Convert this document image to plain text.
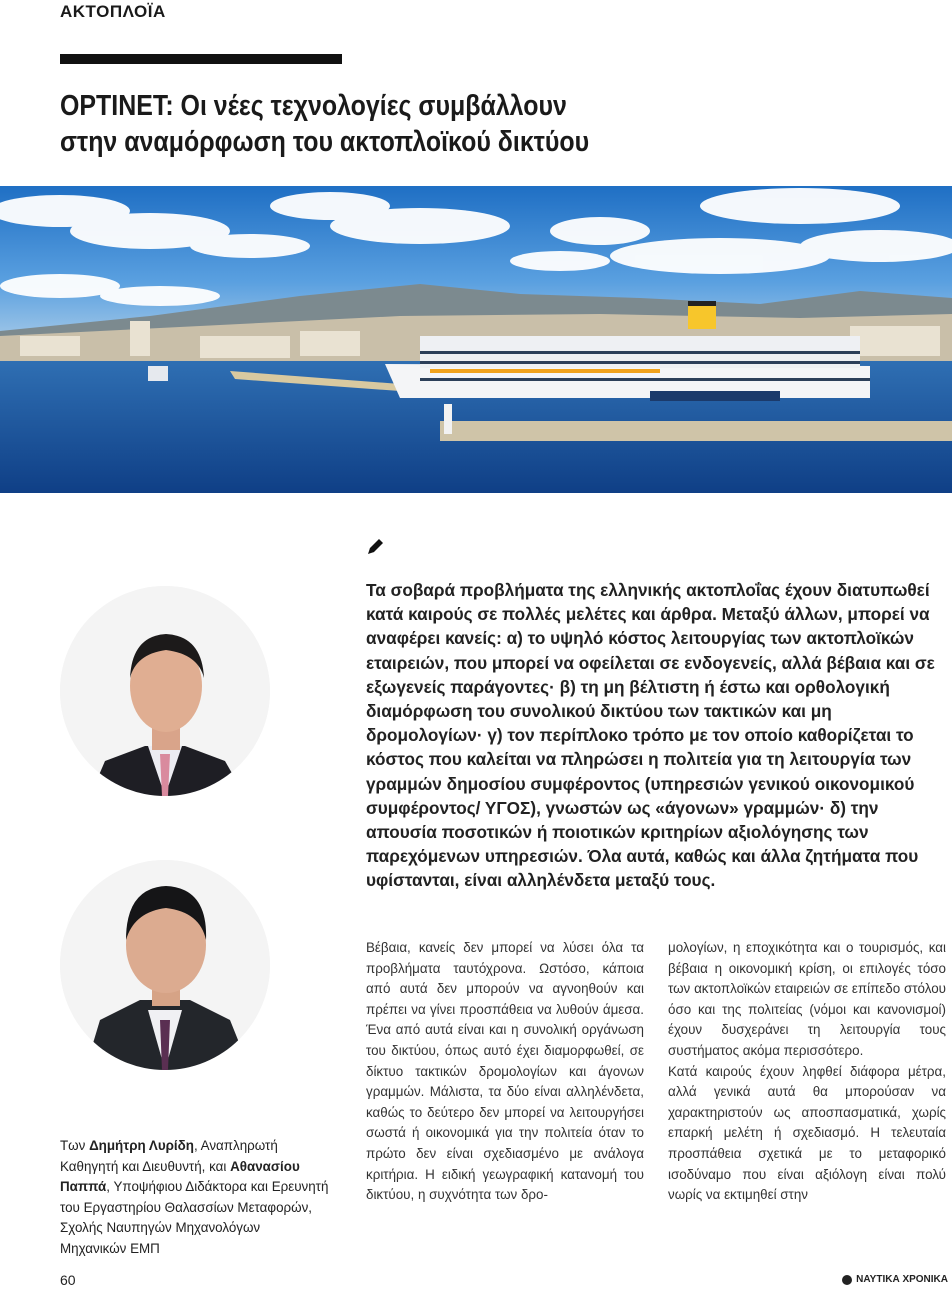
ΑΚΤΟΠΛΟΪΑ
OPTINET: Οι νέες τεχνολογίες συμβάλλουν
στην αναμόρφωση του ακτοπλοϊκού δικτύου

Τα σοβαρά προβλήματα της ελληνικής ακτοπλοΐας έχουν διατυπωθεί κατά καιρούς σε πολλές μελέτες και άρθρα. Μεταξύ άλλων, μπορεί να αναφέρει κανείς: α) το υψηλό κόστος λειτουργίας των ακτοπλοϊκών εταιρειών, που μπορεί να οφείλεται σε ενδογενείς, αλλά βέβαια και σε εξωγενείς παράγοντες· β) τη μη βέλτιστη ή έστω και ορθολογική διαμόρφωση του συνολικού δικτύου των τακτικών και μη δρομολογίων· γ) τον περίπλοκο τρόπο με τον οποίο καθορίζεται το κόστος που καλείται να πληρώσει η πολιτεία για τη λειτουργία των γραμμών δημοσίου συμφέροντος (υπηρεσιών γενικού οικονομικού συμφέροντος/ ΥΓΟΣ), γνωστών ως «άγονων» γραμμών· δ) την απουσία ποσοτικών ή ποιοτικών κριτηρίων αξιολόγησης των παρεχόμενων υπηρεσιών. Όλα αυτά, καθώς και άλλα ζητήματα που υφίστανται, είναι αλληλένδετα μεταξύ τους.

Βέβαια, κανείς δεν μπορεί να λύσει όλα τα προβλήματα ταυτόχρονα. Ωστόσο, κάποια από αυτά δεν μπορούν να αγνοηθούν και πρέπει να γίνει προσπάθεια να λυθούν άμεσα. Ένα από αυτά είναι και η συνολική οργάνωση του δικτύου, όπως αυτό έχει διαμορφωθεί, σε δίκτυο τακτικών δρομολογίων και άγονων γραμμών. Μάλιστα, τα δύο είναι αλληλένδετα, καθώς το δεύτερο δεν μπορεί να λειτουργήσει σωστά ή οικονομικά για την πολιτεία όταν το πρώτο δεν είναι σχεδιασμένο με ανάλογα κριτήρια. Η ειδική γεωγραφική κατανομή του δικτύου, η συχνότητα των δρο-

μολογίων, η εποχικότητα και ο τουρισμός, και βέβαια η οικονομική κρίση, οι επιλογές τόσο των ακτοπλοϊκών εταιρειών σε επίπεδο στόλου όσο και της πολιτείας (νόμοι και κανονισμοί) έχουν δυσχεράνει τη λειτουργία τους συστήματος ακόμα περισσότερο.

Κατά καιρούς έχουν ληφθεί διάφορα μέτρα, αλλά γενικά αυτά θα μπορούσαν να χαρακτηριστούν ως αποσπασματικά, χωρίς επαρκή μελέτη ή σχεδιασμό. Η τελευταία προσπάθεια σχετικά με το μεταφορικό ισοδύναμο που είναι αξιόλογη είναι πολύ νωρίς να εκτιμηθεί στην

Των Δημήτρη Λυρίδη, Αναπληρωτή Καθηγητή και Διευθυντή, και Αθανασίου Παππά, Υποψήφιου Διδάκτορα και Ερευνητή του Εργαστηρίου Θαλασσίων Μεταφορών, Σχολής Ναυπηγών Μηχανολόγων Μηχανικών ΕΜΠ
60	ΝΑΥΤΙΚΑ ΧΡΟΝΙΚΑ
